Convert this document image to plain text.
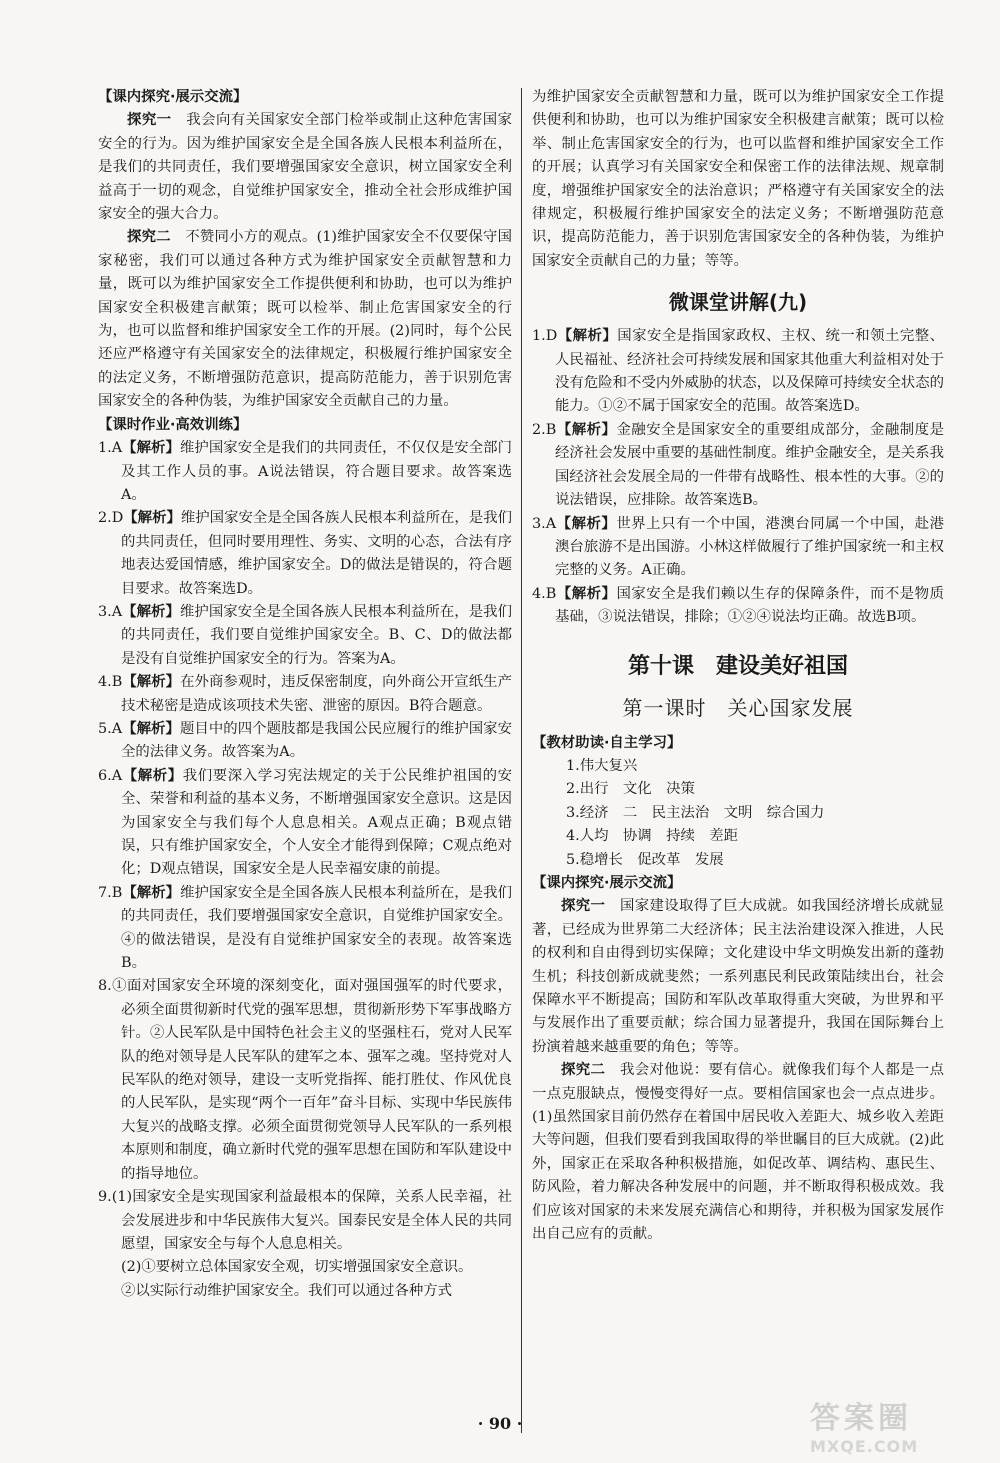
【课内探究·展示交流】

探究一　 我会向有关国家安全部门检举或制止这种危害国家安全的行为。因为维护国家安全是全国各族人民根本利益所在，是我们的共同责任，我们要增强国家安全意识，树立国家安全利益高于一切的观念，自觉维护国家安全，推动全社会形成维护国家安全的强大合力。

探究二　 不赞同小方的观点。(1)维护国家安全不仅要保守国家秘密，我们可以通过各种方式为维护国家安全贡献智慧和力量，既可以为维护国家安全工作提供便利和协助，也可以为维护国家安全积极建言献策；既可以检举、制止危害国家安全的行为，也可以监督和维护国家安全工作的开展。(2)同时，每个公民还应严格遵守有关国家安全的法律规定，积极履行维护国家安全的法定义务，不断增强防范意识，提高防范能力，善于识别危害国家安全的各种伪装，为维护国家安全贡献自己的力量。

【课时作业·高效训练】

1.A【解析】维护国家安全是我们的共同责任，不仅仅是安全部门及其工作人员的事。A说法错误，符合题目要求。故答案选A。

2.D【解析】维护国家安全是全国各族人民根本利益所在，是我们的共同责任，但同时要用理性、务实、文明的心态，合法有序地表达爱国情感，维护国家安全。D的做法是错误的，符合题目要求。故答案选D。

3.A【解析】维护国家安全是全国各族人民根本利益所在，是我们的共同责任，我们要自觉维护国家安全。B、C、D的做法都是没有自觉维护国家安全的行为。答案为A。

4.B【解析】在外商参观时，违反保密制度，向外商公开宣纸生产技术秘密是造成该项技术失密、泄密的原因。B符合题意。

5.A【解析】题目中的四个题肢都是我国公民应履行的维护国家安全的法律义务。故答案为A。

6.A【解析】我们要深入学习宪法规定的关于公民维护祖国的安全、荣誉和利益的基本义务，不断增强国家安全意识。这是因为国家安全与我们每个人息息相关。A观点正确；B观点错误，只有维护国家安全，个人安全才能得到保障；C观点绝对化；D观点错误，国家安全是人民幸福安康的前提。

7.B【解析】维护国家安全是全国各族人民根本利益所在，是我们的共同责任，我们要增强国家安全意识，自觉维护国家安全。④的做法错误，是没有自觉维护国家安全的表现。故答案选B。

8.①面对国家安全环境的深刻变化，面对强国强军的时代要求，必须全面贯彻新时代党的强军思想，贯彻新形势下军事战略方针。②人民军队是中国特色社会主义的坚强柱石，党对人民军队的绝对领导是人民军队的建军之本、强军之魂。坚持党对人民军队的绝对领导，建设一支听党指挥、能打胜仗、作风优良的人民军队，是实现“两个一百年”奋斗目标、实现中华民族伟大复兴的战略支撑。必须全面贯彻党领导人民军队的一系列根本原则和制度，确立新时代党的强军思想在国防和军队建设中的指导地位。

9.(1)国家安全是实现国家利益最根本的保障，关系人民幸福，社会发展进步和中华民族伟大复兴。国泰民安是全体人民的共同愿望，国家安全与每个人息息相关。

(2)①要树立总体国家安全观，切实增强国家安全意识。

②以实际行动维护国家安全。我们可以通过各种方式

为维护国家安全贡献智慧和力量，既可以为维护国家安全工作提供便利和协助，也可以为维护国家安全积极建言献策；既可以检举、制止危害国家安全的行为，也可以监督和维护国家安全工作的开展；认真学习有关国家安全和保密工作的法律法规、规章制度，增强维护国家安全的法治意识；严格遵守有关国家安全的法律规定，积极履行维护国家安全的法定义务；不断增强防范意识，提高防范能力，善于识别危害国家安全的各种伪装，为维护国家安全贡献自己的力量；等等。

微课堂讲解(九)

1.D【解析】国家安全是指国家政权、主权、统一和领土完整、人民福祉、经济社会可持续发展和国家其他重大利益相对处于没有危险和不受内外威胁的状态，以及保障可持续安全状态的能力。①②不属于国家安全的范围。故答案选D。

2.B【解析】金融安全是国家安全的重要组成部分，金融制度是经济社会发展中重要的基础性制度。维护金融安全，是关系我国经济社会发展全局的一件带有战略性、根本性的大事。②的说法错误，应排除。故答案选B。

3.A【解析】世界上只有一个中国，港澳台同属一个中国，赴港澳台旅游不是出国游。小林这样做履行了维护国家统一和主权完整的义务。A正确。

4.B【解析】国家安全是我们赖以生存的保障条件，而不是物质基础，③说法错误，排除；①②④说法均正确。故选B项。

第十课　建设美好祖国
第一课时　关心国家发展

【教材助读·自主学习】

1.伟大复兴

2.出行　文化　决策

3.经济　二　民主法治　文明　综合国力

4.人均　协调　持续　差距

5.稳增长　促改革　发展

【课内探究·展示交流】

探究一　 国家建设取得了巨大成就。如我国经济增长成就显著，已经成为世界第二大经济体；民主法治建设深入推进，人民的权利和自由得到切实保障；文化建设中华文明焕发出新的蓬勃生机；科技创新成就斐然；一系列惠民利民政策陆续出台，社会保障水平不断提高；国防和军队改革取得重大突破，为世界和平与发展作出了重要贡献；综合国力显著提升，我国在国际舞台上扮演着越来越重要的角色；等等。

探究二　 我会对他说：要有信心。就像我们每个人都是一点一点克服缺点，慢慢变得好一点。要相信国家也会一点点进步。(1)虽然国家目前仍然存在着国中居民收入差距大、城乡收入差距大等问题，但我们要看到我国取得的举世瞩目的巨大成就。(2)此外，国家正在采取各种积极措施，如促改革、调结构、惠民生、防风险，着力解决各种发展中的问题，并不断取得积极成效。我们应该对国家的未来发展充满信心和期待，并积极为国家发展作出自己应有的贡献。

· 90 ·	答案圈
MXQE.COM
